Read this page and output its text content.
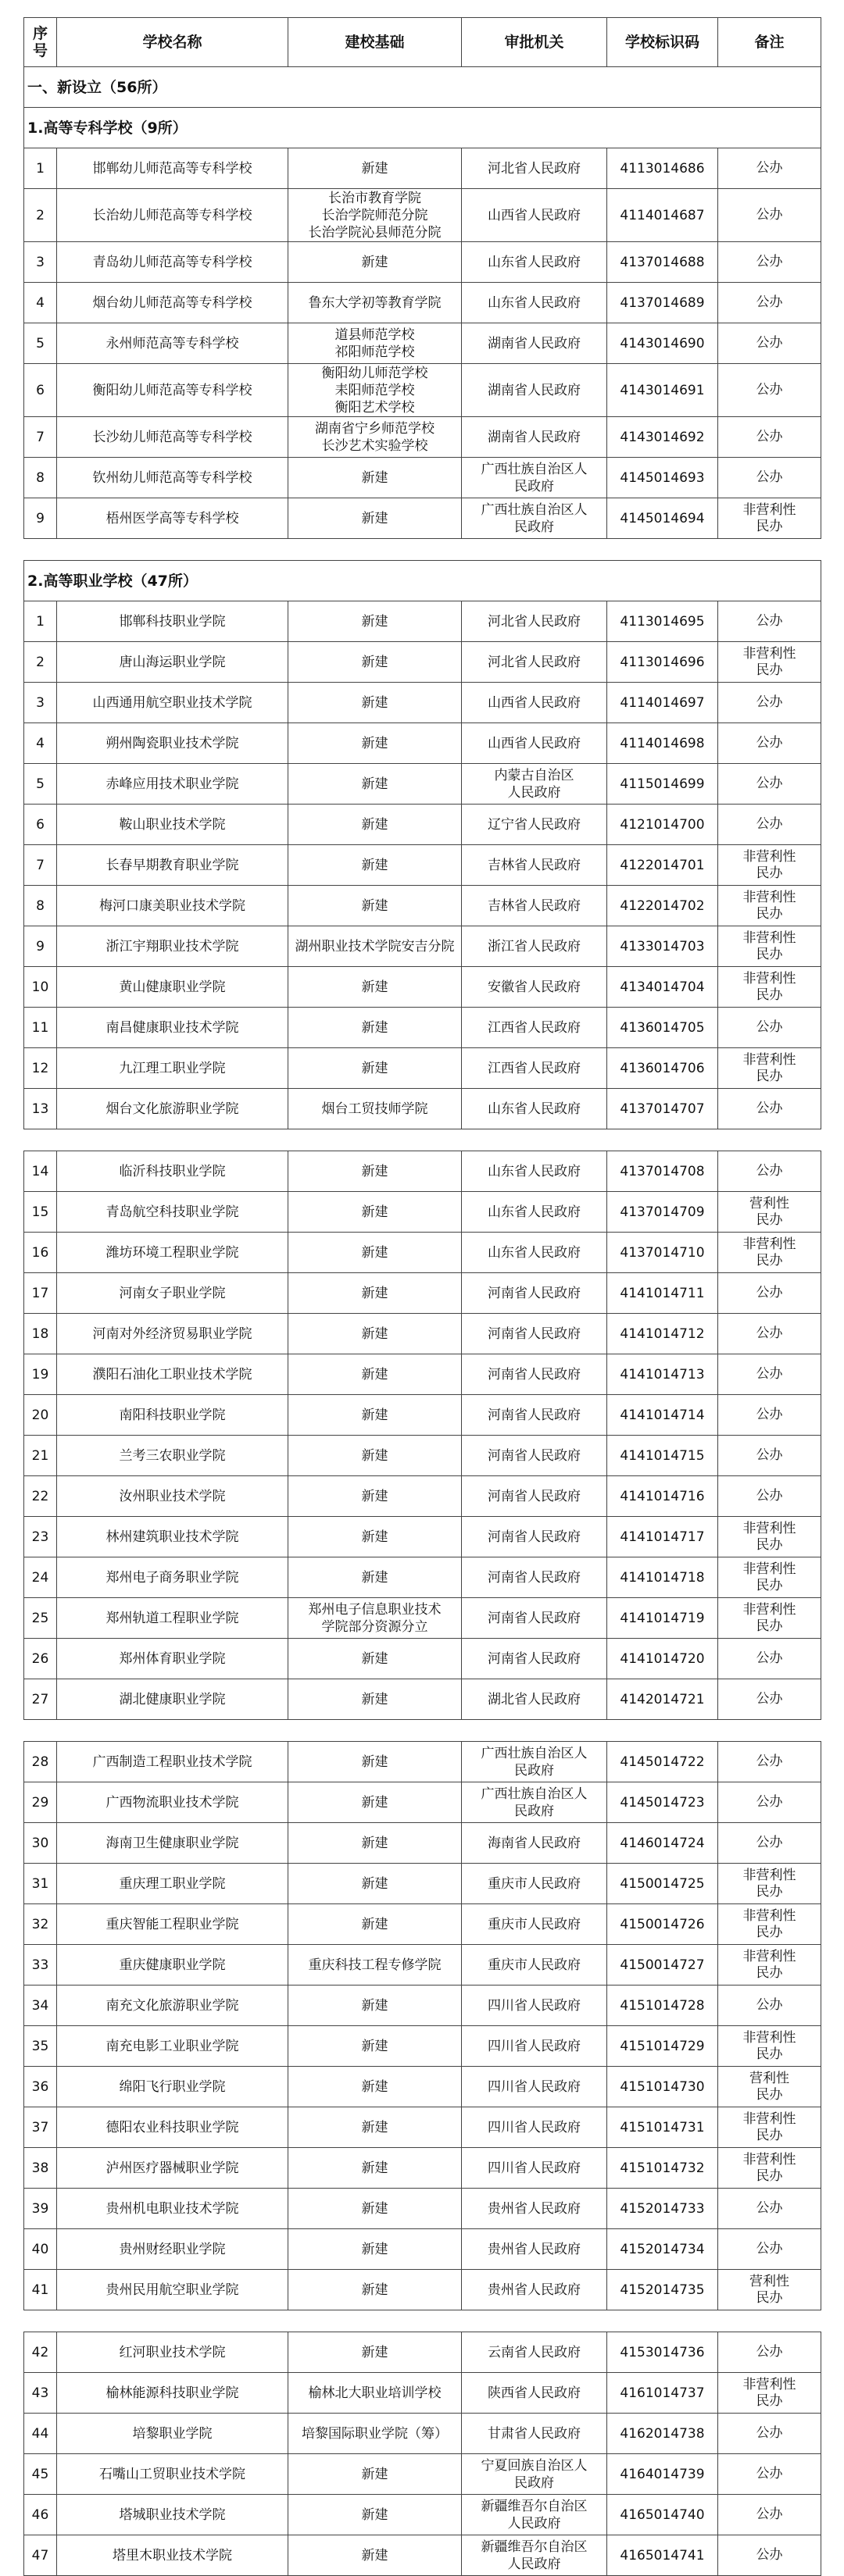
序号	学校名称	建校基础	审批机关	学校标识码	备注
一、新设立（56所）					
1.高等专科学校（9所）					
1	邯郸幼儿师范高等专科学校	新建	河北省人民政府	4113014686	公办
2	长治幼儿师范高等专科学校	长治市教育学院
长治学院师范分院
长治学院沁县师范分院	山西省人民政府	4114014687	公办
3	青岛幼儿师范高等专科学校	新建	山东省人民政府	4137014688	公办
4	烟台幼儿师范高等专科学校	鲁东大学初等教育学院	山东省人民政府	4137014689	公办
5	永州师范高等专科学校	道县师范学校
祁阳师范学校	湖南省人民政府	4143014690	公办
6	衡阳幼儿师范高等专科学校	衡阳幼儿师范学校
耒阳师范学校
衡阳艺术学校	湖南省人民政府	4143014691	公办
7	长沙幼儿师范高等专科学校	湖南省宁乡师范学校
长沙艺术实验学校	湖南省人民政府	4143014692	公办
8	钦州幼儿师范高等专科学校	新建	广西壮族自治区人
民政府	4145014693	公办
9	梧州医学高等专科学校	新建	广西壮族自治区人
民政府	4145014694	非营利性
民办

2.高等职业学校（47所）					
1	邯郸科技职业学院	新建	河北省人民政府	4113014695	公办
2	唐山海运职业学院	新建	河北省人民政府	4113014696	非营利性
民办
3	山西通用航空职业技术学院	新建	山西省人民政府	4114014697	公办
4	朔州陶瓷职业技术学院	新建	山西省人民政府	4114014698	公办
5	赤峰应用技术职业学院	新建	内蒙古自治区
人民政府	4115014699	公办
6	鞍山职业技术学院	新建	辽宁省人民政府	4121014700	公办
7	长春早期教育职业学院	新建	吉林省人民政府	4122014701	非营利性
民办
8	梅河口康美职业技术学院	新建	吉林省人民政府	4122014702	非营利性
民办
9	浙江宇翔职业技术学院	湖州职业技术学院安吉分院	浙江省人民政府	4133014703	非营利性
民办
10	黄山健康职业学院	新建	安徽省人民政府	4134014704	非营利性
民办
11	南昌健康职业技术学院	新建	江西省人民政府	4136014705	公办
12	九江理工职业学院	新建	江西省人民政府	4136014706	非营利性
民办
13	烟台文化旅游职业学院	烟台工贸技师学院	山东省人民政府	4137014707	公办

14	临沂科技职业学院	新建	山东省人民政府	4137014708	公办
15	青岛航空科技职业学院	新建	山东省人民政府	4137014709	营利性
民办
16	潍坊环境工程职业学院	新建	山东省人民政府	4137014710	非营利性
民办
17	河南女子职业学院	新建	河南省人民政府	4141014711	公办
18	河南对外经济贸易职业学院	新建	河南省人民政府	4141014712	公办
19	濮阳石油化工职业技术学院	新建	河南省人民政府	4141014713	公办
20	南阳科技职业学院	新建	河南省人民政府	4141014714	公办
21	兰考三农职业学院	新建	河南省人民政府	4141014715	公办
22	汝州职业技术学院	新建	河南省人民政府	4141014716	公办
23	林州建筑职业技术学院	新建	河南省人民政府	4141014717	非营利性
民办
24	郑州电子商务职业学院	新建	河南省人民政府	4141014718	非营利性
民办
25	郑州轨道工程职业学院	郑州电子信息职业技术
学院部分资源分立	河南省人民政府	4141014719	非营利性
民办
26	郑州体育职业学院	新建	河南省人民政府	4141014720	公办
27	湖北健康职业学院	新建	湖北省人民政府	4142014721	公办

28	广西制造工程职业技术学院	新建	广西壮族自治区人
民政府	4145014722	公办
29	广西物流职业技术学院	新建	广西壮族自治区人
民政府	4145014723	公办
30	海南卫生健康职业学院	新建	海南省人民政府	4146014724	公办
31	重庆理工职业学院	新建	重庆市人民政府	4150014725	非营利性
民办
32	重庆智能工程职业学院	新建	重庆市人民政府	4150014726	非营利性
民办
33	重庆健康职业学院	重庆科技工程专修学院	重庆市人民政府	4150014727	非营利性
民办
34	南充文化旅游职业学院	新建	四川省人民政府	4151014728	公办
35	南充电影工业职业学院	新建	四川省人民政府	4151014729	非营利性
民办
36	绵阳飞行职业学院	新建	四川省人民政府	4151014730	营利性
民办
37	德阳农业科技职业学院	新建	四川省人民政府	4151014731	非营利性
民办
38	泸州医疗器械职业学院	新建	四川省人民政府	4151014732	非营利性
民办
39	贵州机电职业技术学院	新建	贵州省人民政府	4152014733	公办
40	贵州财经职业学院	新建	贵州省人民政府	4152014734	公办
41	贵州民用航空职业学院	新建	贵州省人民政府	4152014735	营利性
民办

42	红河职业技术学院	新建	云南省人民政府	4153014736	公办
43	榆林能源科技职业学院	榆林北大职业培训学校	陕西省人民政府	4161014737	非营利性
民办
44	培黎职业学院	培黎国际职业学院（筹）	甘肃省人民政府	4162014738	公办
45	石嘴山工贸职业技术学院	新建	宁夏回族自治区人
民政府	4164014739	公办
46	塔城职业技术学院	新建	新疆维吾尔自治区
人民政府	4165014740	公办
47	塔里木职业技术学院	新建	新疆维吾尔自治区
人民政府	4165014741	公办
